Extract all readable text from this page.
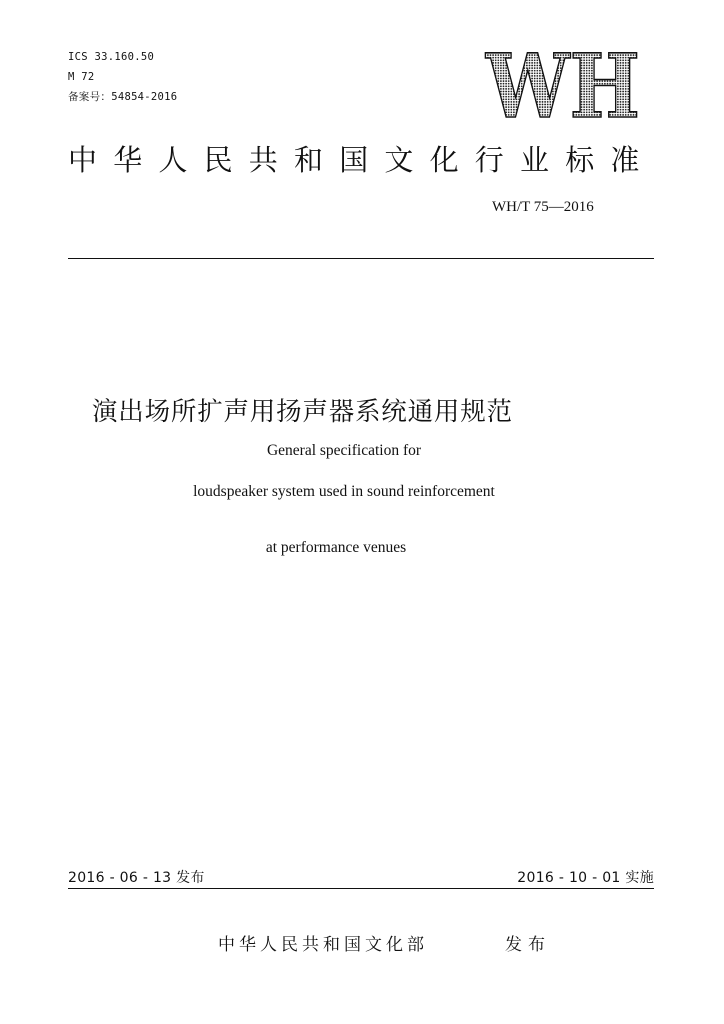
ICS 33.160.50
M 72
备案号：54854-2016	WH
中华人民共和国文化行业标准
WH/T 75—2016
演出场所扩声用扬声器系统通用规范
General specification for
loudspeaker system used in sound reinforcement
at performance venues
2016 - 06 - 13 发布	2016 - 10 - 01 实施
中华人民共和国文化部	发布
